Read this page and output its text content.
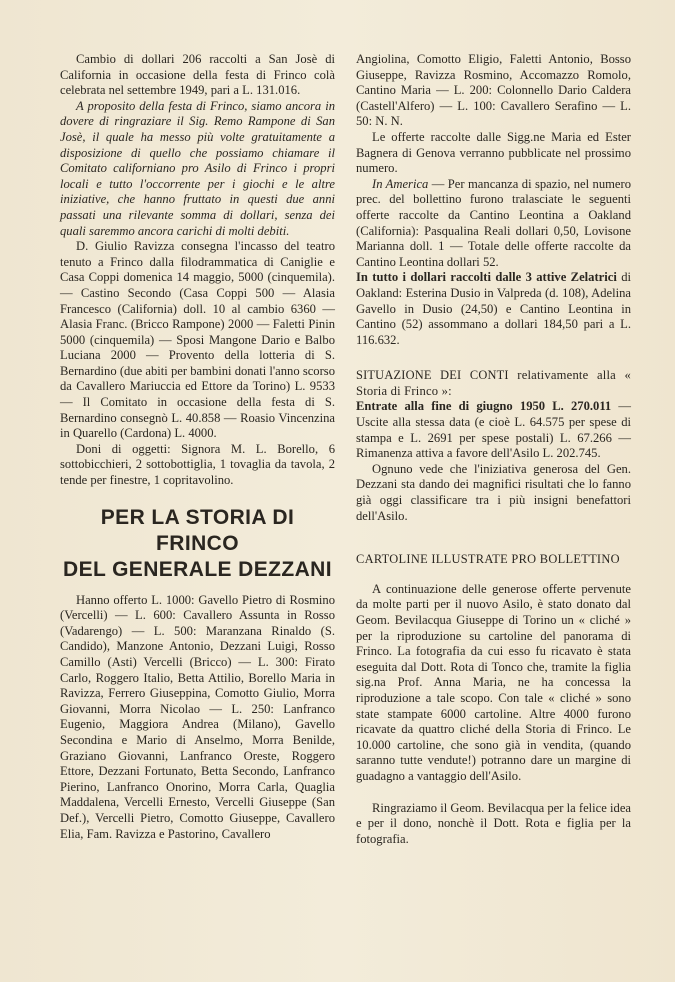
Cambio di dollari 206 raccolti a San Josè di California in occasione della festa di Frinco colà celebrata nel settembre 1949, pari a L. 131.016.

A proposito della festa di Frinco, siamo ancora in dovere di ringraziare il Sig. Remo Rampone di San Josè, il quale ha messo più volte gratuitamente a disposizione di quello che possiamo chiamare il Comitato californiano pro Asilo di Frinco i propri locali e tutto l'occorrente per i giochi e le altre iniziative, che hanno fruttato in questi due anni passati una rilevante somma di dollari, senza dei quali saremmo ancora carichi di molti debiti.

D. Giulio Ravizza consegna l'incasso del teatro tenuto a Frinco dalla filodrammatica di Caniglie e Casa Coppi domenica 14 maggio, 5000 (cinquemila). — Castino Secondo (Casa Coppi 500 — Alasia Francesco (California) doll. 10 al cambio 6360 — Alasia Franc. (Bricco Rampone) 2000 — Faletti Pinin 5000 (cinquemila) — Sposi Mangone Dario e Balbo Luciana 2000 — Provento della lotteria di S. Bernardino (due abiti per bambini donati l'anno scorso da Cavallero Mariuccia ed Ettore da Torino) L. 9533 — Il Comitato in occasione della festa di S. Bernardino consegnò L. 40.858 — Roasio Vincenzina in Quarello (Cardona) L. 4000.

Doni di oggetti: Signora M. L. Borello, 6 sottobicchieri, 2 sottobottiglia, 1 tovaglia da tavola, 2 tende per finestre, 1 copritavolino.

PER LA STORIA DI FRINCO
DEL GENERALE DEZZANI

Hanno offerto L. 1000: Gavello Pietro di Rosmino (Vercelli) — L. 600: Cavallero Assunta in Rosso (Vadarengo) — L. 500: Maranzana Rinaldo (S. Candido), Manzone Antonio, Dezzani Luigi, Rosso Camillo (Asti) Vercelli (Bricco) — L. 300: Firato Carlo, Roggero Italio, Betta Attilio, Borello Maria in Ravizza, Ferrero Giuseppina, Comotto Giulio, Morra Giovanni, Morra Nicolao — L. 250: Lanfranco Eugenio, Maggiora Andrea (Milano), Gavello Secondina e Mario di Anselmo, Morra Benilde, Graziano Giovanni, Lanfranco Oreste, Roggero Ettore, Dezzani Fortunato, Betta Secondo, Lanfranco Pierino, Lanfranco Onorino, Morra Carla, Quaglia Maddalena, Vercelli Ernesto, Vercelli Giuseppe (San Def.), Vercelli Pietro, Comotto Giuseppe, Cavallero Elia, Fam. Ravizza e Pastorino, Cavallero

Angiolina, Comotto Eligio, Faletti Antonio, Bosso Giuseppe, Ravizza Rosmino, Accomazzo Romolo, Cantino Maria — L. 200: Colonnello Dario Caldera (Castell'Alfero) — L. 100: Cavallero Serafino — L. 50: N. N.

Le offerte raccolte dalle Sigg.ne Maria ed Ester Bagnera di Genova verranno pubblicate nel prossimo numero.

In America — Per mancanza di spazio, nel numero prec. del bollettino furono tralasciate le seguenti offerte raccolte da Cantino Leontina a Oakland (California): Pasqualina Reali dollari 0,50, Lovisone Marianna doll. 1 — Totale delle offerte raccolte da Cantino Leontina dollari 52.

In tutto i dollari raccolti dalle 3 attive Zelatrici di Oakland: Esterina Dusio in Valpreda (d. 108), Adelina Gavello in Dusio (24,50) e Cantino Leontina in Cantino (52) assommano a dollari 184,50 pari a L. 116.632.

SITUAZIONE DEI CONTI relativamente alla « Storia di Frinco »:

Entrate alla fine di giugno 1950 L. 270.011 — Uscite alla stessa data (e cioè L. 64.575 per spese di stampa e L. 2691 per spese postali) L. 67.266 — Rimanenza attiva a favore dell'Asilo L. 202.745.

Ognuno vede che l'iniziativa generosa del Gen. Dezzani sta dando dei magnifici risultati che lo fanno già oggi classificare tra i più insigni benefattori dell'Asilo.

CARTOLINE ILLUSTRATE PRO BOLLETTINO

A continuazione delle generose offerte pervenute da molte parti per il nuovo Asilo, è stato donato dal Geom. Bevilacqua Giuseppe di Torino un « cliché » per la riproduzione su cartoline del panorama di Frinco. La fotografia da cui esso fu ricavato è stata eseguita dal Dott. Rota di Tonco che, tramite la figlia sig.na Prof. Anna Maria, ne ha concessa la riproduzione a tale scopo. Con tale « cliché » sono state stampate 6000 cartoline. Altre 4000 furono ricavate da quattro cliché della Storia di Frinco. Le 10.000 cartoline, che sono già in vendita, (quando saranno tutte vendute!) potranno dare un margine di guadagno a vantaggio dell'Asilo.

Ringraziamo il Geom. Bevilacqua per la felice idea e per il dono, nonchè il Dott. Rota e figlia per la fotografia.
